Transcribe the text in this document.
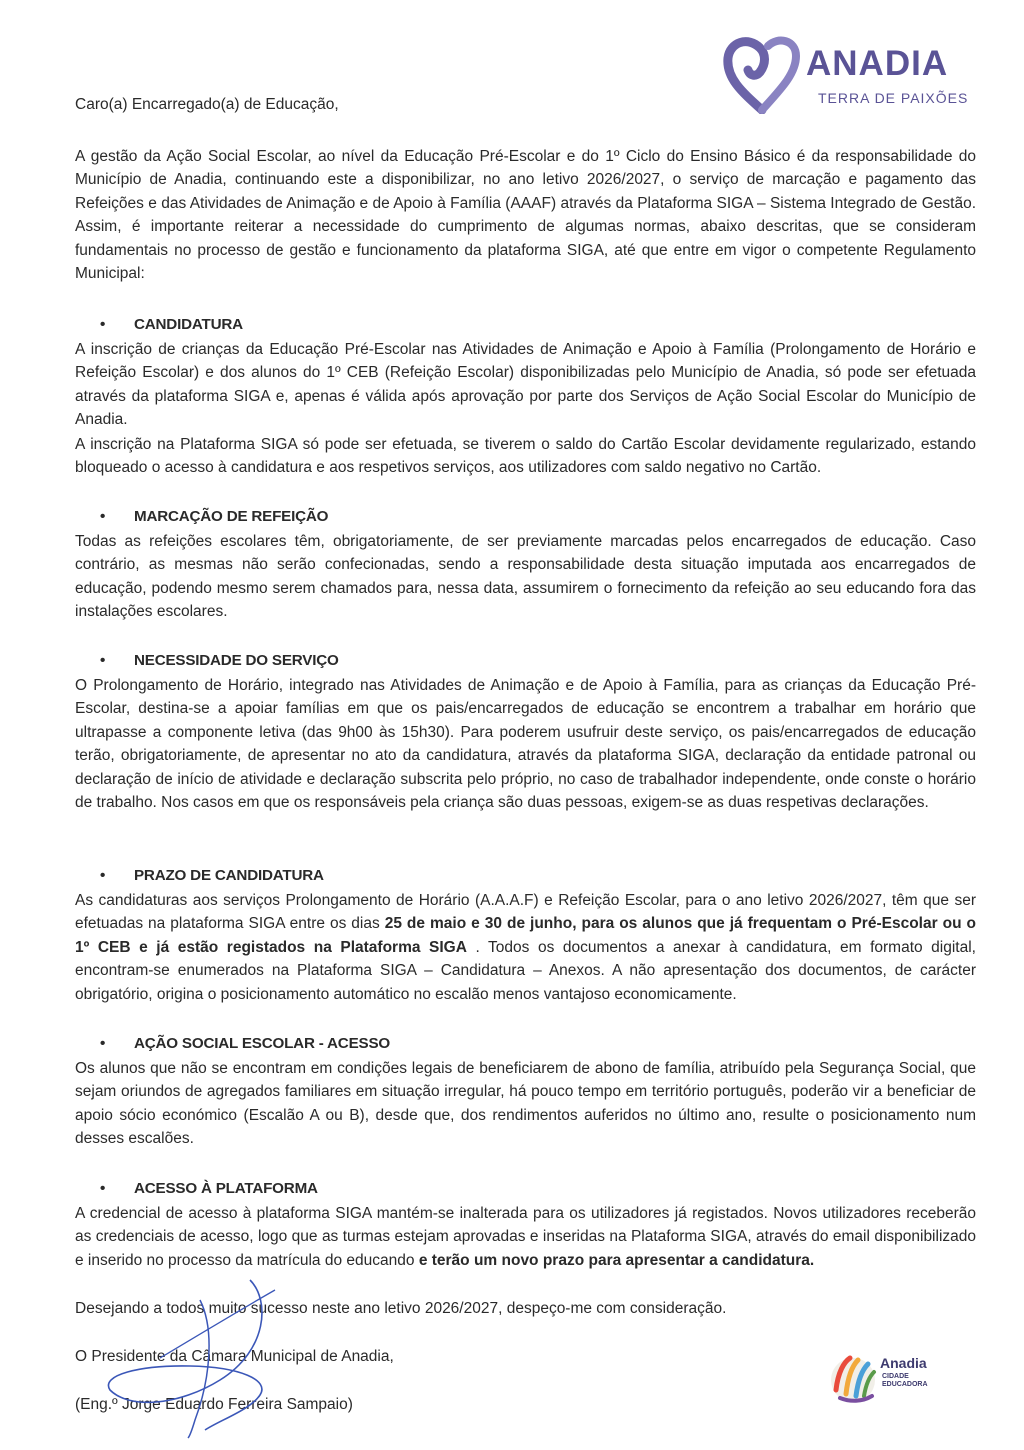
ANADIA
TERRA DE PAIXÕES
Caro(a) Encarregado(a) de Educação,
A gestão da Ação Social Escolar, ao nível da Educação Pré-Escolar e do 1º Ciclo do Ensino Básico é da responsabilidade do Município de Anadia, continuando este a disponibilizar, no ano letivo 2026/2027, o serviço de marcação e pagamento das Refeições e das Atividades de Animação e de Apoio à Família (AAAF) através da Plataforma SIGA – Sistema Integrado de Gestão. Assim, é importante reiterar a necessidade do cumprimento de algumas normas, abaixo descritas, que se consideram fundamentais no processo de gestão e funcionamento da plataforma SIGA, até que entre em vigor o competente Regulamento Municipal:
• CANDIDATURA
A inscrição de crianças da Educação Pré-Escolar nas Atividades de Animação e Apoio à Família (Prolongamento de Horário e Refeição Escolar) e dos alunos do 1º CEB (Refeição Escolar) disponibilizadas pelo Município de Anadia, só pode ser efetuada através da plataforma SIGA e, apenas é válida após aprovação por parte dos Serviços de Ação Social Escolar do Município de Anadia.
A inscrição na Plataforma SIGA só pode ser efetuada, se tiverem o saldo do Cartão Escolar devidamente regularizado, estando bloqueado o acesso à candidatura e aos respetivos serviços, aos utilizadores com saldo negativo no Cartão.
• MARCAÇÃO DE REFEIÇÃO
Todas as refeições escolares têm, obrigatoriamente, de ser previamente marcadas pelos encarregados de educação. Caso contrário, as mesmas não serão confecionadas, sendo a responsabilidade desta situação imputada aos encarregados de educação, podendo mesmo serem chamados para, nessa data, assumirem o fornecimento da refeição ao seu educando fora das instalações escolares.
• NECESSIDADE DO SERVIÇO
O Prolongamento de Horário, integrado nas Atividades de Animação e de Apoio à Família, para as crianças da Educação Pré-Escolar, destina-se a apoiar famílias em que os pais/encarregados de educação se encontrem a trabalhar em horário que ultrapasse a componente letiva (das 9h00 às 15h30). Para poderem usufruir deste serviço, os pais/encarregados de educação terão, obrigatoriamente, de apresentar no ato da candidatura, através da plataforma SIGA, declaração da entidade patronal ou declaração de início de atividade e declaração subscrita pelo próprio, no caso de trabalhador independente, onde conste o horário de trabalho. Nos casos em que os responsáveis pela criança são duas pessoas, exigem-se as duas respetivas declarações.
• PRAZO DE CANDIDATURA
As candidaturas aos serviços Prolongamento de Horário (A.A.A.F) e Refeição Escolar, para o ano letivo 2026/2027, têm que ser efetuadas na plataforma SIGA entre os dias 25 de maio e 30 de junho, para os alunos que já frequentam o Pré-Escolar ou o 1º CEB e já estão registados na Plataforma SIGA . Todos os documentos a anexar à candidatura, em formato digital, encontram-se enumerados na Plataforma SIGA – Candidatura – Anexos. A não apresentação dos documentos, de carácter obrigatório, origina o posicionamento automático no escalão menos vantajoso economicamente.
• AÇÃO SOCIAL ESCOLAR - ACESSO
Os alunos que não se encontram em condições legais de beneficiarem de abono de família, atribuído pela Segurança Social, que sejam oriundos de agregados familiares em situação irregular, há pouco tempo em território português, poderão vir a beneficiar de apoio sócio económico (Escalão A ou B), desde que, dos rendimentos auferidos no último ano, resulte o posicionamento num desses escalões.
• ACESSO À PLATAFORMA
A credencial de acesso à plataforma SIGA mantém-se inalterada para os utilizadores já registados. Novos utilizadores receberão as credenciais de acesso, logo que as turmas estejam aprovadas e inseridas na Plataforma SIGA, através do email disponibilizado e inserido no processo da matrícula do educando e terão um novo prazo para apresentar a candidatura.
Desejando a todos muito sucesso neste ano letivo 2026/2027, despeço-me com consideração.
O Presidente da Câmara Municipal de Anadia,
(Eng.º Jorge Eduardo Ferreira Sampaio)
Anadia
CIDADE EDUCADORA
